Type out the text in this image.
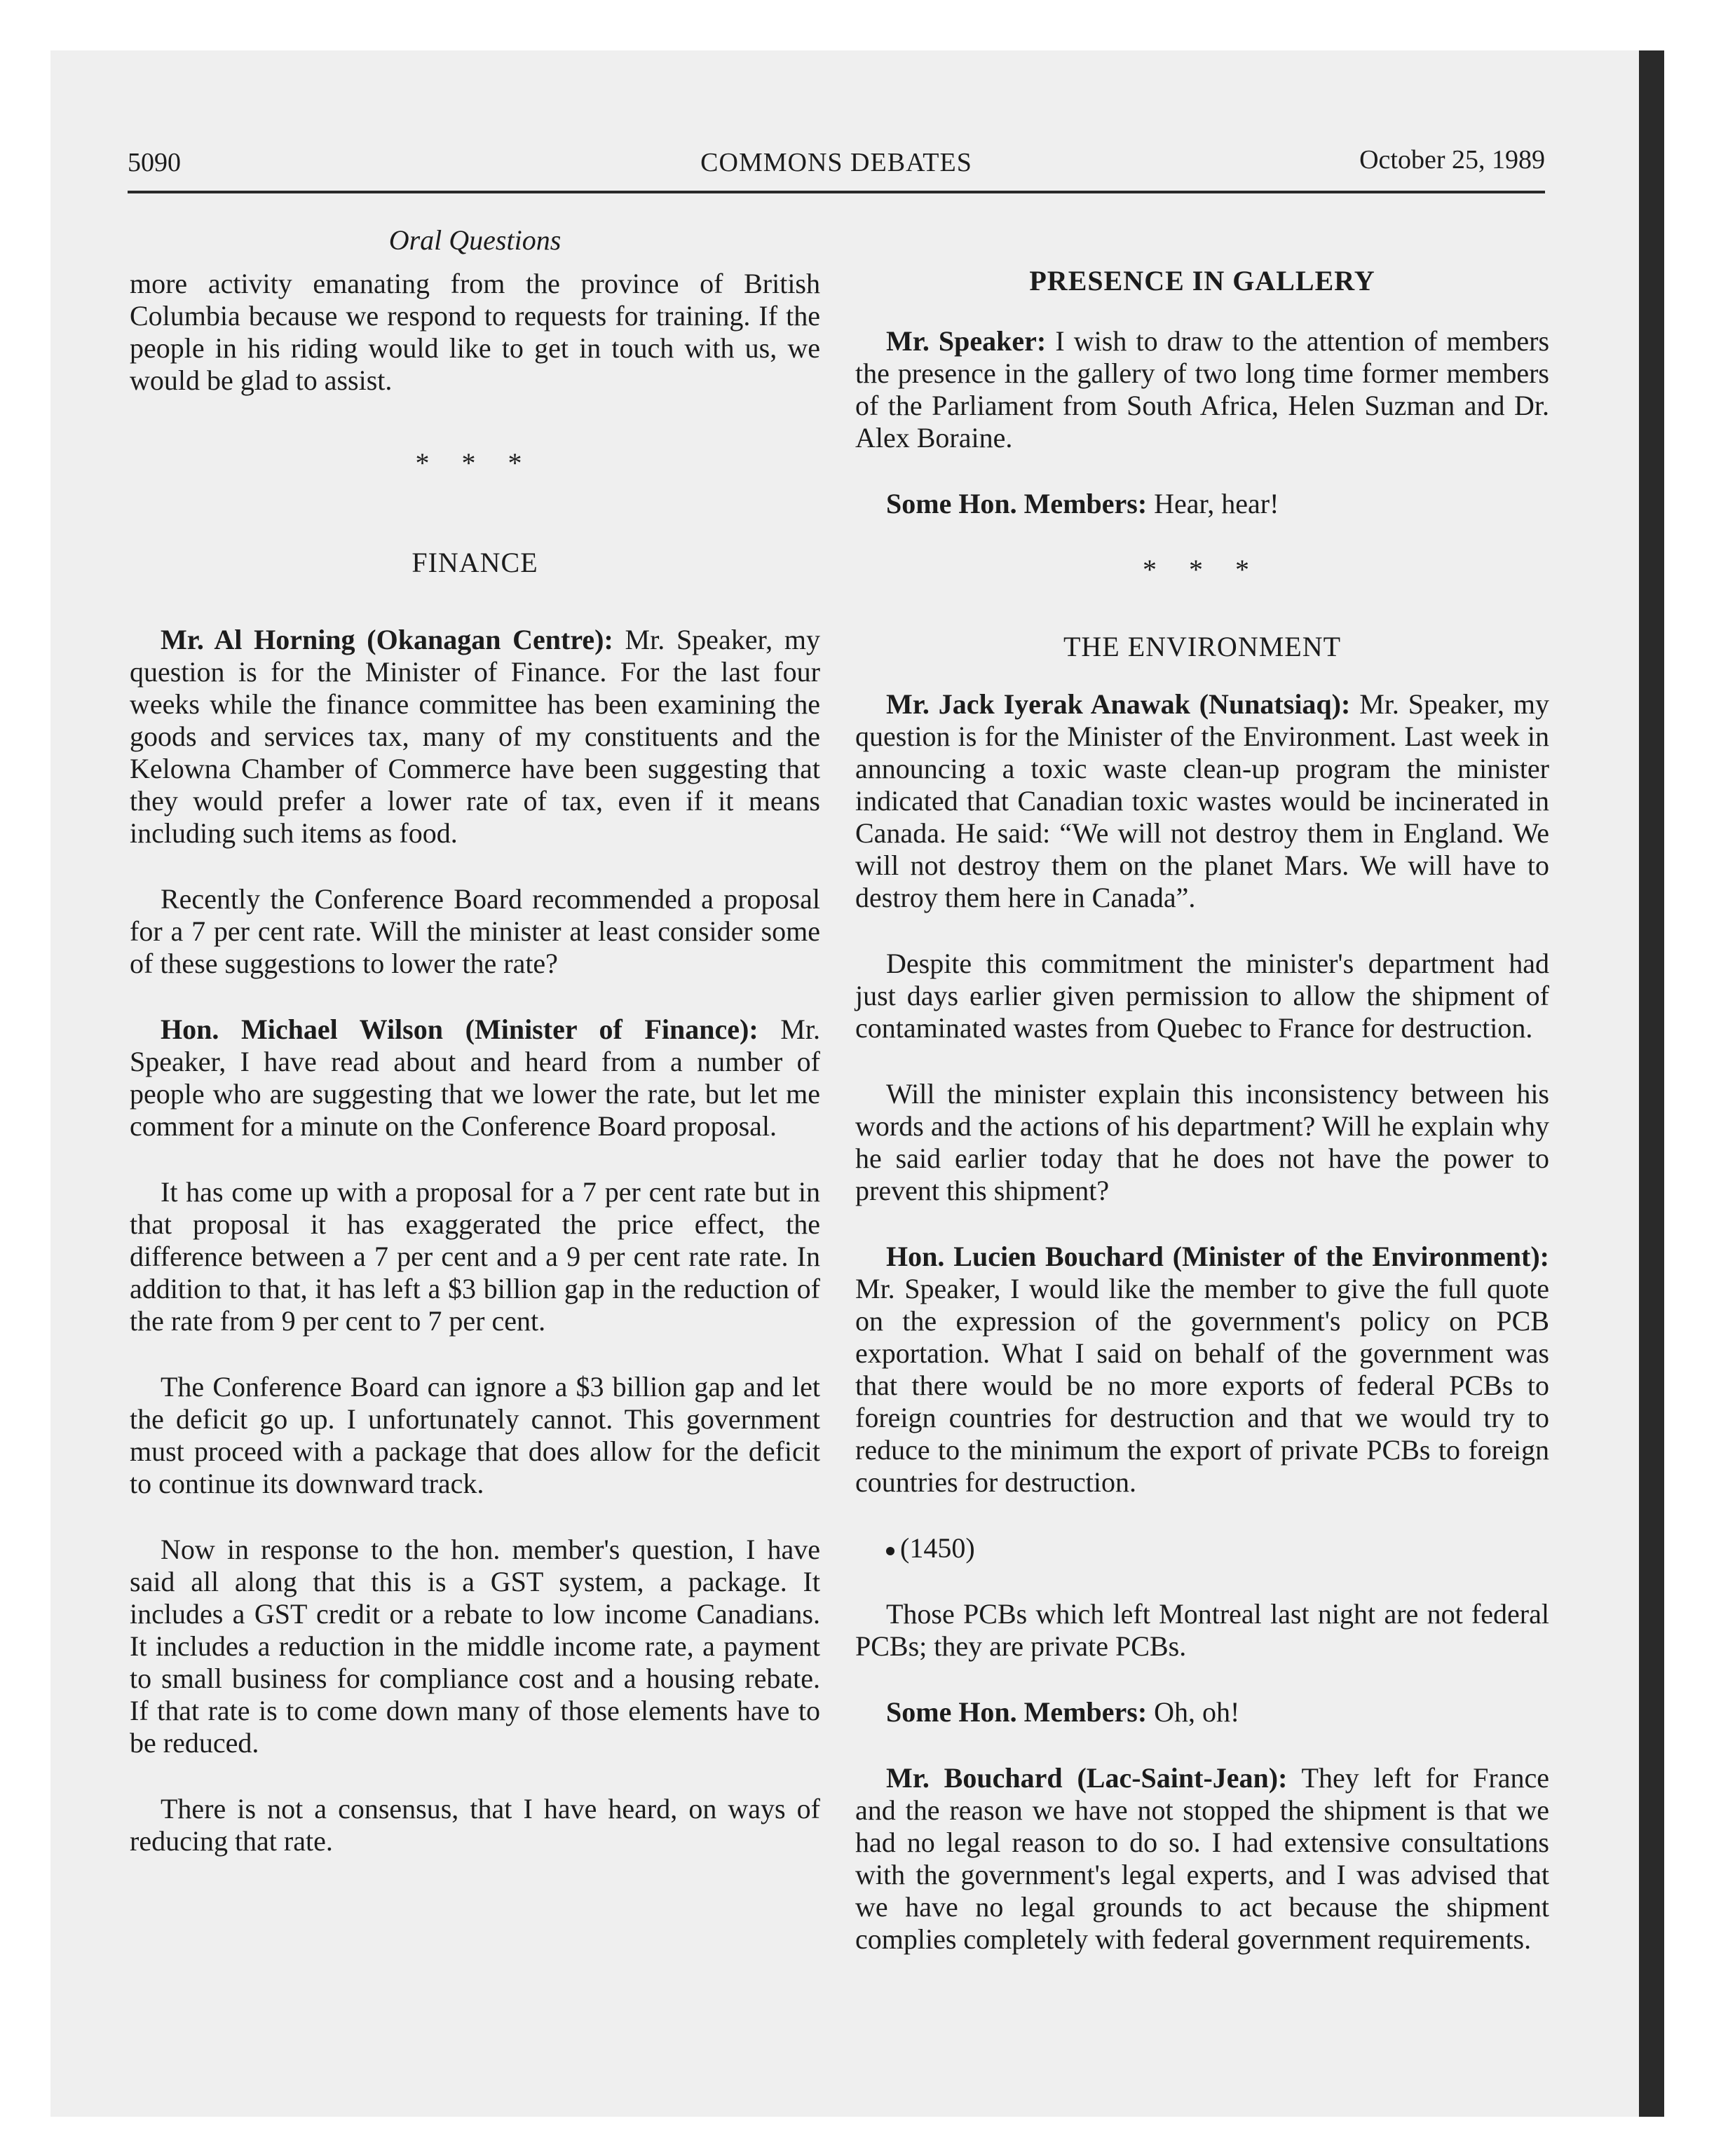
5090	COMMONS DEBATES	October 25, 1989
Oral Questions

more activity emanating from the province of British Columbia because we respond to requests for training. If the people in his riding would like to get in touch with us, we would be glad to assist.

* * *
FINANCE

Mr. Al Horning (Okanagan Centre): Mr. Speaker, my question is for the Minister of Finance. For the last four weeks while the finance committee has been examining the goods and services tax, many of my constituents and the Kelowna Chamber of Commerce have been suggesting that they would prefer a lower rate of tax, even if it means including such items as food.

Recently the Conference Board recommended a proposal for a 7 per cent rate. Will the minister at least consider some of these suggestions to lower the rate?

Hon. Michael Wilson (Minister of Finance): Mr. Speaker, I have read about and heard from a number of people who are suggesting that we lower the rate, but let me comment for a minute on the Conference Board proposal.

It has come up with a proposal for a 7 per cent rate but in that proposal it has exaggerated the price effect, the difference between a 7 per cent and a 9 per cent rate rate. In addition to that, it has left a $3 billion gap in the reduction of the rate from 9 per cent to 7 per cent.

The Conference Board can ignore a $3 billion gap and let the deficit go up. I unfortunately cannot. This government must proceed with a package that does allow for the deficit to continue its downward track.

Now in response to the hon. member's question, I have said all along that this is a GST system, a package. It includes a GST credit or a rebate to low income Canadians. It includes a reduction in the middle income rate, a payment to small business for compliance cost and a housing rebate. If that rate is to come down many of those elements have to be reduced.

There is not a consensus, that I have heard, on ways of reducing that rate.

PRESENCE IN GALLERY

Mr. Speaker: I wish to draw to the attention of members the presence in the gallery of two long time former members of the Parliament from South Africa, Helen Suzman and Dr. Alex Boraine.

Some Hon. Members: Hear, hear!

* * *
THE ENVIRONMENT

Mr. Jack Iyerak Anawak (Nunatsiaq): Mr. Speaker, my question is for the Minister of the Environment. Last week in announcing a toxic waste clean-up program the minister indicated that Canadian toxic wastes would be incinerated in Canada. He said: “We will not destroy them in England. We will not destroy them on the planet Mars. We will have to destroy them here in Canada”.

Despite this commitment the minister's department had just days earlier given permission to allow the shipment of contaminated wastes from Quebec to France for destruction.

Will the minister explain this inconsistency between his words and the actions of his department? Will he explain why he said earlier today that he does not have the power to prevent this shipment?

Hon. Lucien Bouchard (Minister of the Environment): Mr. Speaker, I would like the member to give the full quote on the expression of the government's policy on PCB exportation. What I said on behalf of the government was that there would be no more exports of federal PCBs to foreign countries for destruction and that we would try to reduce to the minimum the export of private PCBs to foreign countries for destruction.

(1450)

Those PCBs which left Montreal last night are not federal PCBs; they are private PCBs.

Some Hon. Members: Oh, oh!

Mr. Bouchard (Lac-Saint-Jean): They left for France and the reason we have not stopped the shipment is that we had no legal reason to do so. I had extensive consultations with the government's legal experts, and I was advised that we have no legal grounds to act because the shipment complies completely with federal government requirements.
